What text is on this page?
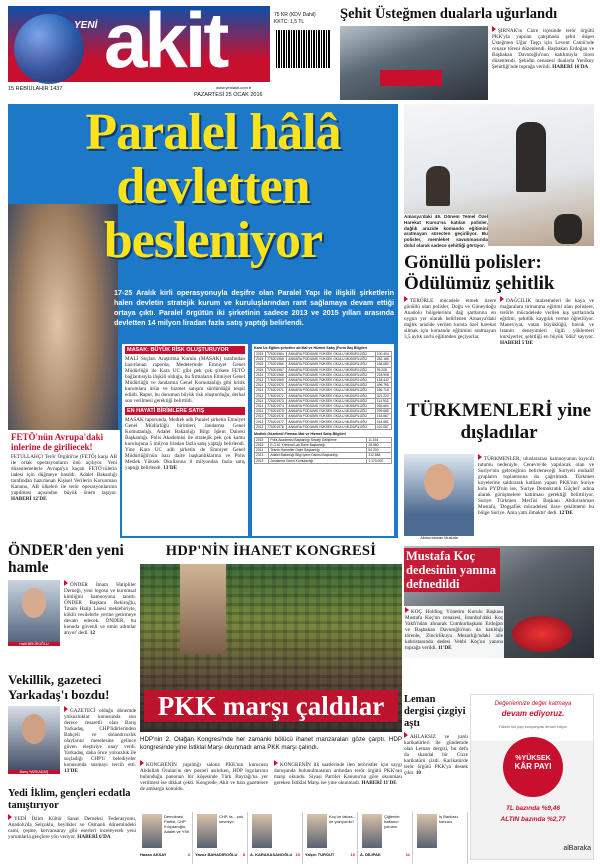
YENİ akit	75 KR (KDV Dahil)
KKTC: 1,5 TL
15 REBİÜLAHİR 1437	www.yeniakit.com.tr
PAZARTESİ 25 OCAK 2016
Şehit Üsteğmen dualarla uğurlandı
ŞIRNAK'ın Cizre ilçesinde terör örgütü PKK'yla yapılan çatışmada şehit düşen Üsteğmen Uğur Taşçı için Levent Camii'nde cenaze töreni düzenlendi. Başbakan Erdoğan ve Başbakan Davutoğlu'nun katılımıyla tören düzenlendi. Şehidin cenazesi dualarla Yenikoy Şehitliği'nde toprağa verildi. HABERİ 16'DA
Paralel hâlâ
devletten
besleniyor
17-25 Aralık kirli operasyonuyla deşifre olan Paralel Yapı ile ilişkili şirketlerin halen devletin stratejik kurum ve kuruluşlarından rant sağlamaya devam ettiği ortaya çıktı. Paralel örgütün iki şirketinin sadece 2013 ve 2015 yılları arasında devletten 14 milyon liradan fazla satış yaptığı belirlendi.
FETÖ'nün Avrupa'daki inlerine de giriliecek!
FETULLAHÇI Terör Örgütü'ne (FETÖ) karşı AB ile ortak operasyonların önü açılıyor. Yeni düzenlemelerle Avrupa'ya kaçan FETÖ'cülerin iadesi için düğmeye basıldı. Adalet Bakanlığı tarafından hazırlanan Kişisel Verilerin Korunması Kanunu, AB ülkeleri ile terör operasyonlarının yapılması açısından büyük önem taşıyor. HABERİ 12'DE
MASAK: BÜYÜK RİSK OLUŞTURUYOR
MALİ Suçları Araştırma Kurulu (MASAK) tarafından hazırlanan raporda, Medeterinde Emniyet Genel Müdürlüğü ile Kara UC gibi pek çok şirkete FETÖ bağlantısıyla ilişkili olduğu, bu firmaların Emniyet Genel Müdürlüğü ve Jandarma Genel Komutanlığı gibi kritik kurumlara ürün ve hizmet satışını sürdürdüğü tespit edildi. Rapor, bu durumun büyük risk oluşturduğu, derhal son verilmesi gerektiği belirtildi.
EN HAYATİ BİRİMLERE SATIŞ
MASAK raporunda, Medtek adlı Paralel şirketin Emniyet Genel Müdürlüğü birimleri, Jandarma Genel Komutanlığı, Adalet Bakanlığı Bilgi İşlem Dairesi Başkanlığı. Polis Akademisi ile stratejik pek çok kamu kuruluşuna 5 milyon liradan fazla satış yaptığı belirlendi. Yine Kara UC adlı şirketin de Emniyet Genel Müdürlüğü'nün bazı daire başkanlıklarına ve Polis Meslek Yüksek Okullarına 8 milyondan fazla satış yaptığı belirlendi. 13'DE
Kara Uc Eğitim şirketine ait Mal ve Hizmet Satış (Form Ba) Bilgileri
2015	776201964	ANKARA PODIUMS YÜKSEK OKULU MÜDÜRLÜĞÜ	100.404
2015	776201965	ANKARA PODIUMS YÜKSEK OKULU MÜDÜRLÜĞÜ	282.186
2015	776201966	ANKARA PODIUMS YÜKSEK OKULU MÜDÜRLÜĞÜ	168.680
2015	776201967	ANKARA PODIUMS YÜKSEK OKULU MÜDÜRLÜĞÜ	95.208
2014	776201968	ANKARA PODIUMS YÜKSEK OKULU MÜDÜRLÜĞÜ	218.908
2014	776201969	ANKARA PODIUMS YÜKSEK OKULU MÜDÜRLÜĞÜ	128.442
2014	776201970	ANKARA PODIUMS YÜKSEK OKULU MÜDÜRLÜĞÜ	496.755
2014	776201971	ANKARA PODIUMS YÜKSEK OKULU MÜDÜRLÜĞÜ	166.715
2014	776201972	ANKARA PODIUMS YÜKSEK OKULU MÜDÜRLÜĞÜ	321.220
2014	776201973	ANKARA PODIUMS YÜKSEK OKULU MÜDÜRLÜĞÜ	114.903
2014	776201974	ANKARA PODIUMS YÜKSEK OKULU MÜDÜRLÜĞÜ	265.660
2014	776201975	ANKARA PODIUMS YÜKSEK OKULU MÜDÜRLÜĞÜ	299.685
2013	776201976	ANKARA PODIUMS YÜKSEK OKULU MÜDÜRLÜĞÜ	163.667
2013	776201977	ANKARA PODIUMS YÜKSEK OKULU MÜDÜRLÜĞÜ	244.681
2013	776201978	ANKARA PODIUMS YÜKSEK OKULU MÜDÜRLÜĞÜ	410.087
Medtek Gözetimli Firması Mal ve Hizmet Satış Bilgileri
2015	Polis Akademisi Başkanlığı Strateji Geliştirme	11.194
2015	E.G.M. Kriminal Lab.Daire Başkanlığı	28.960
2014	Teknik Hizmetler Daire Başkanlığı	54.200
2013	Adalet Bakanlığı Bilgi İşlem Dairesi Başkanlığı	312.588
2013	Jandarma Genel Komutanlığı	1.170.000
FETÖ'nün göz şirketleri birer birer açığa çıkıyor. MASAK raporu, Paralelcilere hâlâ devletin olanaklarının ortaya koyuyor.
Amasya'daki 49. Dönem Temel Özel Harekat Kursu'na katılan polisler, dağlık arazide komando eğitimini aratmayan sürecten geçiriliyor. Bu polisler, memleket savunmasında dolul olarak sadece şehitliği görüyor.
Gönüllü polisler: Ödülümüz şehitlik
TERÖRLE mücadele etmek üzere gönüllü olan polisler, Doğu ve Güneydoğu Anadolu bölgelerinin dağ şartlarına en uygun yer olarak belirlenen Amasya'daki dağlık arazide verilen kursta özel harekat silmak için komando eğitimini aratmayan 3,5 aylık zorlu eğitimden geçiyorlar.
DAĞCILIK malzemeleri ile kaya ve mağaralara tırmanma eğitimi alan polislere, terörle mücadelede verilen kış şartlarında eğitimi, şehitlik kaygılık verme öğretiliyor. Maneviyat, vatan büyüklüğü, bavuk ve istanin deneyimleri ilgili yöklemeri kursiyerler, şehitliği en büyük 'ödül' sayıyor. HABERİ 5'DE
TÜRKMENLERİ yine dışladılar
Abdurrahman Mustafa
TÜRKMENLER, uluslararası kamuoyunun kıyıcılı tutumu nedeniyle, Cenevre'de yapılacak olan ve Suriye'nin geleceğinin belirleneceği Suriyeli muhalif grupların toplantısına da çağrılmadı. Türkmen koyelerine saldırarak katliam yapan PKK'nın Suriye kolu PYD'nin ise, 'Suriye Demokratik Güçleri' adına alarak görüşmelere katılması gerektiği belirtiliyor. Suriye Türkmen Meclisi Başkanı Abdurrahman Mustafa, 'Dogşafiık mücadelesi ilave çekilmemi bu bölge Suriye. Ama yatrı ilmaktır' dedi. 12'DE
ÖNDER'den yeni hamle
Halit BEKİROĞLU
ÖNDER İmam Hatipliler Derneği, yeni logosu ve kurumsal kimliğini kamuoyuna tanıttı. ÖNDER Başkanı Bekiroğlu, 'İmam Hatip Lisesi mektebiriyle, köklü vesilelerle yerine getirmeye devam edecek. ÖNDER, bu konuda güvenli ve emin adımlar atıyor' dedi. 12
Vekillik, gazeteci Yarkadaş'ı bozdu!
Barış YARKADAŞ
GAZETECİ olduğu dönemde yolsuzluklar konusunda son derece cesaretli olan Barış Yarkadaş, CHP'lidirlerinden Bahçeli ve dolandırıcılık olaylarını meselesine gelince güven eleştiriye onay verdi. Yarkadaş, daha önce yolsuzluk ile suçladığı CHP'li belediyeler konusunda susmayı tercih etti. 13'DE
Yedi İklim, gençleri ecdatla tanıştırıyor
YEDİ İklim Kültür Sanat Derneksi Federasyonu, Anadolu'da Selçuklu, beylikler ve Osmanlı dönemindeki cami, çeşme, kervansaray gibi eserleri inceleyerek yeni yorumlarla gençlere yön veriyor. HABERİ 6'DA
HDP'NİN İHANET KONGRESİ
PKK marşı çaldılar
HDP'nin 2. Olağan Kongresi'nde her zamanki bölücü ihanet manzaraları göze çarptı. HDP kongresinde yine İstiklal Marşı okunmadı ama PKK marşı çalındı.
KONGRENİN yapıldığı salona PKK'nın kurucusu Abdullah Öcalan'ın dev posteri asılırken, HDP logolarının bulunduğu panonun bir köşesinde Türk Bayrağı'na yer verilmesi ise dikkat çekti. Kongrede, Akit ve bazı gazetelere de ambargo konuldu.
KONGRENİN ilk saatlerinde ilen teröristler için saygı duruşunda bulunulmasının ardından terör örgütü PKK'nın marşı okundu. Siyasi Partiler Kanunu'na göre okunması gereken İstiklal Marşı ise yine okunmadı. HABERİ 11'DE
Mustafa Koç dedesinin yanına defnedildi
KOÇ Holding Yönetim Kurulu Başkanı Mustafa Koç'un cenazesi, İstanbul'daki Koç Vakfı'ndan alınarak Cumhurbaşkanı Erdoğan ve Başbakan Davutoğlu'nun da katıldığı törenle, Zincirlikuyu Mezarlığı'ndaki aile kabristanında dedesi Vehbi Koç'un yanına toprağa verildi. 11'DE
Leman dergisi çizgiyi aştı
AHLAKSIZ ve yanlı karikatürleri ile gündemde olan Leman dergisi, bu defa da skandal bir Cizre karikatürü çizdi. Karikatürde terör örgütü PKK'ya destek çıktı. 10
Değerlerinize değer katmaya
devam ediyoruz.
Yüksek kâr payı kampanyası devam ediyor.
%YÜKSEK
KÂR PAYI
TL bazında %9,46
ALTIN bazında %2,77
alBaraka
Demokrasi Partisi, CHP Kılıçdaroğlu, Adalet ve YSK
Hasan AKSAY	2
CHP, ta... çok sevmiyo
Yavuz BAHADIROĞLU 8 A. KARAKASANOĞLU 10
Koç'un fatura... ne yazıyordu?
Yalçın TURGUT	10
Çiğlenler haftanın yorumu
A. DİLİPAK	11
İş Bankası konusu
